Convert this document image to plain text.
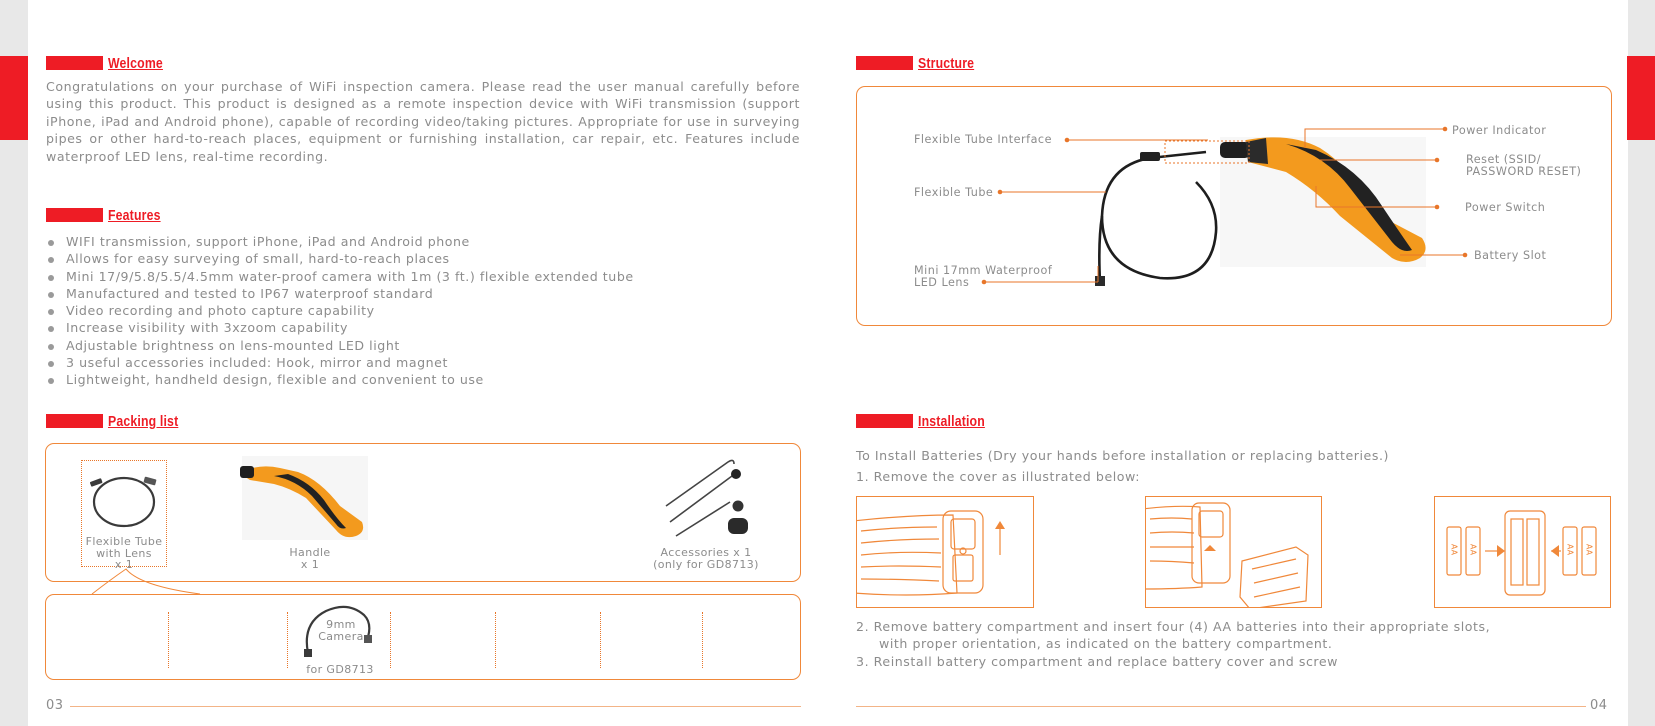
Welcome
Congratulations on your purchase of WiFi inspection camera. Please read the user manual carefully before using this product. This product is designed as a remote inspection device with WiFi transmission (support iPhone, iPad and Android phone), capable of recording video/taking pictures. Appropriate for use in surveying pipes or other hard-to-reach places, equipment or furnishing installation, car repair, etc. Features include waterproof LED lens, real-time recording.
Features
WIFI transmission, support iPhone, iPad and Android phone
Allows for easy surveying of small, hard-to-reach places
Mini 17/9/5.8/5.5/4.5mm water-proof camera with 1m (3 ft.) flexible extended tube
Manufactured and tested to IP67 waterproof standard
Video recording and photo capture capability
Increase visibility with 3xzoom capability
Adjustable brightness on lens-mounted LED light
3 useful accessories included: Hook, mirror and magnet
Lightweight, handheld design, flexible and convenient to use
Packing list
Flexible Tube
with Lens
x 1
Handle
x 1
Accessories x 1
(only for GD8713)
9mm
Camera
for GD8713
03
Structure
Flexible Tube Interface
Flexible Tube
Mini 17mm Waterproof
LED Lens
Power Indicator
Reset (SSID/
PASSWORD RESET)
Power Switch
Battery Slot
Installation
To Install Batteries (Dry your hands before installation or replacing batteries.)
1. Remove the cover as illustrated below:
AA AA	AA AA
2. Remove battery compartment and insert four (4) AA batteries into their appropriate slots,
with proper orientation, as indicated on the battery compartment.
3. Reinstall battery compartment and replace battery cover and screw
04
